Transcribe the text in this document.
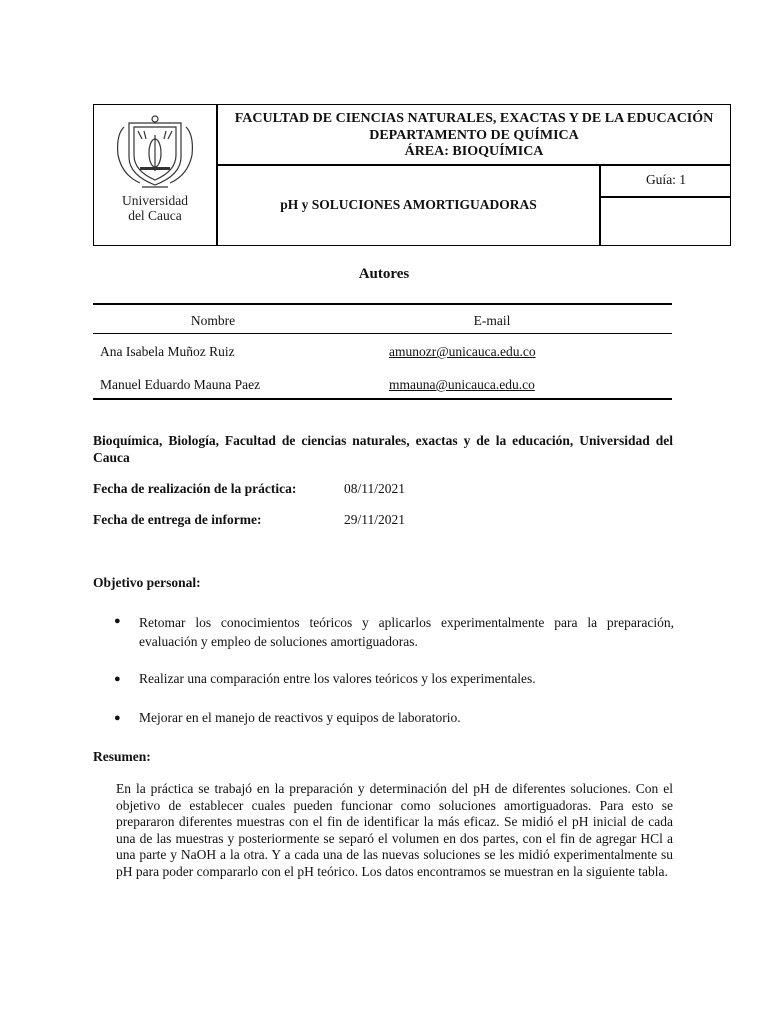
Universidad
del Cauca
FACULTAD DE CIENCIAS NATURALES, EXACTAS Y DE LA EDUCACIÓN
DEPARTAMENTO DE QUÍMICA
ÁREA: BIOQUÍMICA
pH y SOLUCIONES AMORTIGUADORAS
Guía: 1
Autores
Nombre	E-mail
Ana Isabela Muñoz Ruiz	amunozr@unicauca.edu.co
Manuel Eduardo Mauna Paez	mmauna@unicauca.edu.co
Bioquímica, Biología, Facultad de ciencias naturales, exactas y de la educación, Universidad del Cauca
Fecha de realización de la práctica:	08/11/2021
Fecha de entrega de informe:	29/11/2021
Objetivo personal:
● Retomar los conocimientos teóricos y aplicarlos experimentalmente para la preparación, evaluación y empleo de soluciones amortiguadoras.
● Realizar una comparación entre los valores teóricos y los experimentales.
● Mejorar en el manejo de reactivos y equipos de laboratorio.
Resumen:
En la práctica se trabajó en la preparación y determinación del pH de diferentes soluciones. Con el objetivo de establecer cuales pueden funcionar como soluciones amortiguadoras. Para esto se prepararon diferentes muestras con el fin de identificar la más eficaz. Se midió el pH inicial de cada una de las muestras y posteriormente se separó el volumen en dos partes, con el fin de agregar HCl a una parte y NaOH a la otra. Y a cada una de las nuevas soluciones se les midió experimentalmente su pH para poder compararlo con el pH teórico. Los datos encontramos se muestran en la siguiente tabla.
